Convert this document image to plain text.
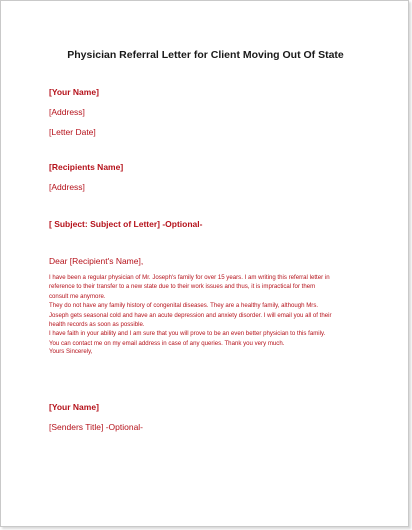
Physician Referral Letter for Client Moving Out Of State
[Your Name]
[Address]
[Letter Date]
[Recipients Name]
[Address]
[ Subject: Subject of Letter] -Optional-
Dear [Recipient's Name],
I have been a regular physician of Mr. Joseph's family for over 15 years. I am writing this referral letter in
reference to their transfer to a new state due to their work issues and thus, it is impractical for them
consult me anymore.
They do not have any family history of congenital diseases. They are a healthy family, although Mrs.
Joseph gets seasonal cold and have an acute depression and anxiety disorder. I will email you all of their
health records as soon as possible.
I have faith in your ability and I am sure that you will prove to be an even better physician to this family.
You can contact me on my email address in case of any queries. Thank you very much.
Yours Sincerely,
[Your Name]
[Senders Title] -Optional-
